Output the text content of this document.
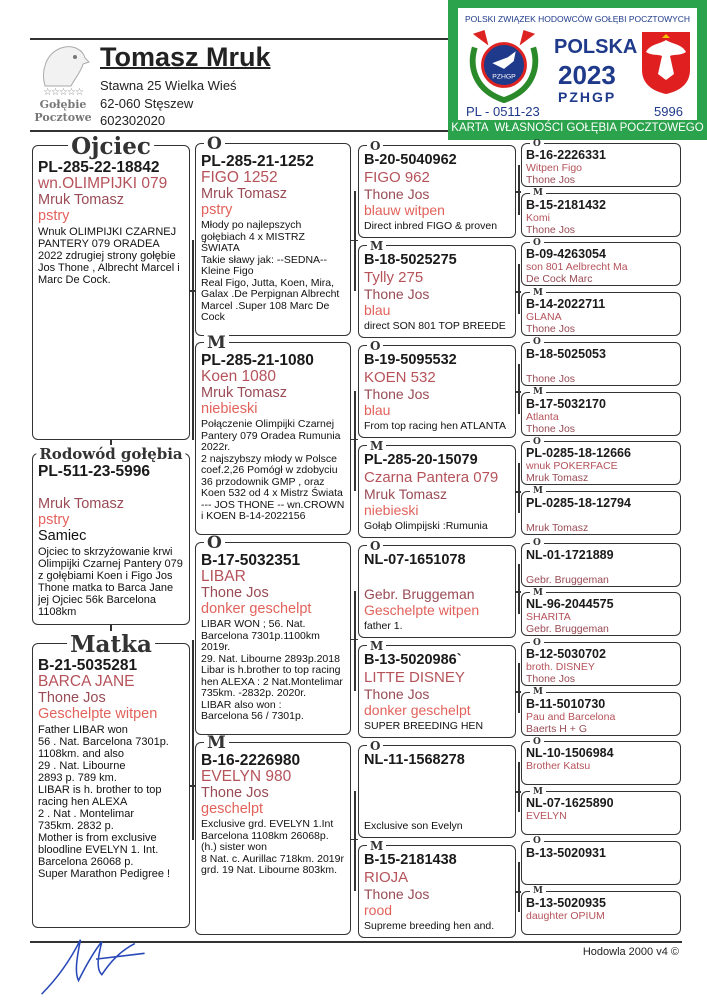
☆☆☆☆☆
Gołębie
Pocztowe
Tomasz Mruk
Stawna 25 Wielka Wieś
62-060 Stęszew
602302020
POLSKI ZWIĄZEK HODOWCÓW GOŁĘBI POCZTOWYCH
PZHGP
POLSKA
2023
PZHGP
PL - 0511-23	5996
KARTA  WŁASNOŚCI GOŁĘBIA POCZTOWEGO
Ojciec
PL-285-22-18842
wn.OLIMPIJKI 079
Mruk Tomasz
pstry
Wnuk OLIMPIJKI CZARNEJ PANTERY 079 ORADEA 2022 zdrugiej strony gołębie Jos Thone , Albrecht Marcel i Marc De Cock.
Rodowód gołębia
PL-511-23-5996

Mruk Tomasz
pstry
Samiec
Ojciec to skrzyżowanie krwi Olimpijki Czarnej Pantery 079 z gołębiami Koen i Figo Jos Thone matka to Barca Jane jej Ojciec 56k Barcelona 1108km
Matka
B-21-5035281
BARCA JANE
Thone Jos
Geschelpte witpen
Father LIBAR won
56 . Nat. Barcelona 7301p.
1108km. and also
29 . Nat. Libourne
2893 p. 789 km.
LIBAR is h. brother to top racing hen ALEXA
2 . Nat . Montelimar
735km. 2832 p.
Mother is from exclusive bloodline EVELYN 1. Int. Barcelona 26068 p.
Super Marathon Pedigree !
O
PL-285-21-1252
FIGO 1252
Mruk Tomasz
pstry
Młody po najlepszych gołębiach 4 x MISTRZ ŚWIATA
Takie sławy jak: --SEDNA-- Kleine Figo
Real Figo, Jutta, Koen, Mira, Galax .De Perpignan Albrecht Marcel .Super 108 Marc De Cock
M
PL-285-21-1080
Koen 1080
Mruk Tomasz
niebieski
Połączenie Olimpijki Czarnej Pantery 079 Oradea Rumunia 2022r.
2 najszybszy młody w Polsce coef.2,26 Pomógł w zdobyciu 36 przodownik GMP , oraz Koen 532 od 4 x Mistrz Świata --- JOS THONE -- wn.CROWN i KOEN B-14-2022156
O
B-17-5032351
LIBAR
Thone Jos
donker geschelpt
LIBAR WON ; 56. Nat. Barcelona 7301p.1100km 2019r.
29. Nat. Libourne 2893p.2018 Libar is h.brother to top racing hen ALEXA : 2 Nat.Montelimar 735km. -2832p. 2020r.
LIBAR also won :
Barcelona 56 / 7301p.
M
B-16-2226980
EVELYN 980
Thone Jos
geschelpt
Exclusive grd. EVELYN 1.Int Barcelona 1108km 26068p.
(h.) sister won
8 Nat. c. Aurillac 718km. 2019r grd. 19 Nat. Libourne 803km.
O
B-20-5040962
FIGO 962
Thone Jos
blauw witpen
Direct inbred FIGO & proven
M
B-18-5025275
Tylly 275
Thone Jos
blau
direct SON 801 TOP BREEDE
O
B-19-5095532
KOEN 532
Thone Jos
blau
From top racing hen ATLANTA
M
PL-285-20-15079
Czarna Pantera 079
Mruk Tomasz
niebieski
Gołąb Olimpijski :Rumunia
O
NL-07-1651078

Gebr. Bruggeman
Geschelpte witpen
father 1.
M
B-13-5020986`
LITTE DISNEY
Thone Jos
donker geschelpt
SUPER BREEDING HEN
O
NL-11-1568278

Exclusive son Evelyn
M
B-15-2181438
RIOJA
Thone Jos
rood
Supreme breeding hen and.
O
B-16-2226331
Witpen Figo
Thone Jos
M
B-15-2181432
Komi
Thone Jos
O
B-09-4263054
son 801 Aelbrecht Ma
De Cock Marc
M
B-14-2022711
GLANA
Thone Jos
O
B-18-5025053

Thone Jos
M
B-17-5032170
Atlanta
Thone Jos
O
PL-0285-18-12666
wnuk POKERFACE
Mruk Tomasz
M
PL-0285-18-12794

Mruk Tomasz
O
NL-01-1721889

Gebr. Bruggeman
M
NL-96-2044575
SHARITA
Gebr. Bruggeman
O
B-12-5030702
broth. DISNEY
Thone Jos
M
B-11-5010730
Pau and Barcelona
Baerts H + G
O
NL-10-1506984
Brother Katsu

M
NL-07-1625890
EVELYN

O
B-13-5020931

M
B-13-5020935
daughter OPIUM

Hodowla 2000 v4 ©
